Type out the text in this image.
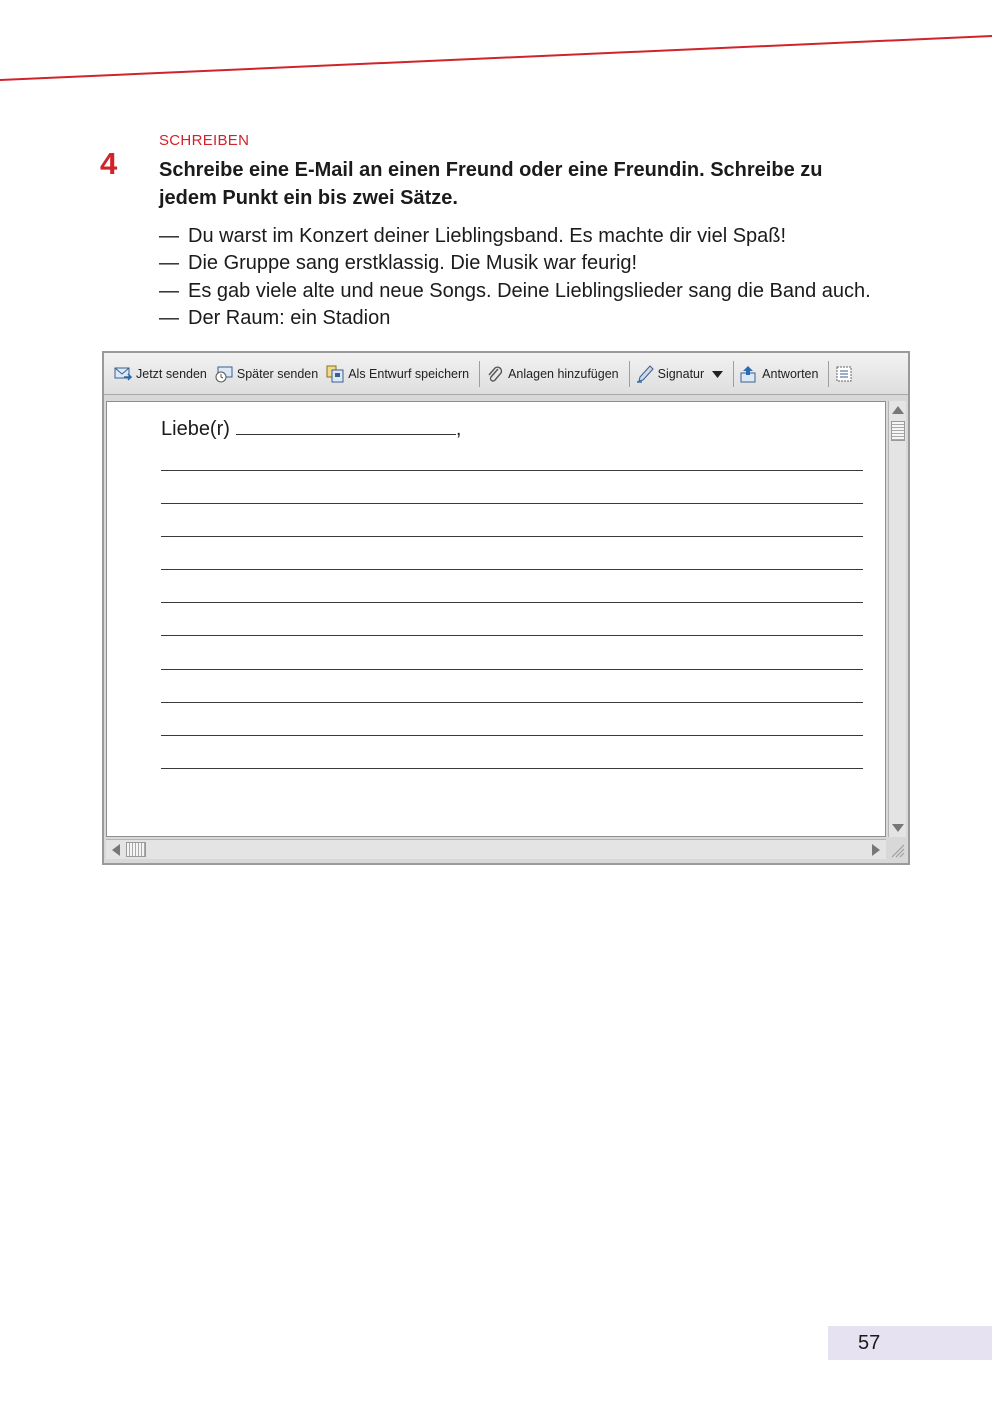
SCHREIBEN
4 Schreibe eine E-Mail an einen Freund oder eine Freundin. Schreibe zu jedem Punkt ein bis zwei Sätze.
— Du warst im Konzert deiner Lieblingsband. Es machte dir viel Spaß!
— Die Gruppe sang erstklassig. Die Musik war feurig!
— Es gab viele alte und neue Songs. Deine Lieblingslieder sang die Band auch.
— Der Raum: ein Stadion
Jetzt senden Später senden Als Entwurf speichern	Anlagen hinzufügen	Signatur	Antworten
Liebe(r)	,
57
